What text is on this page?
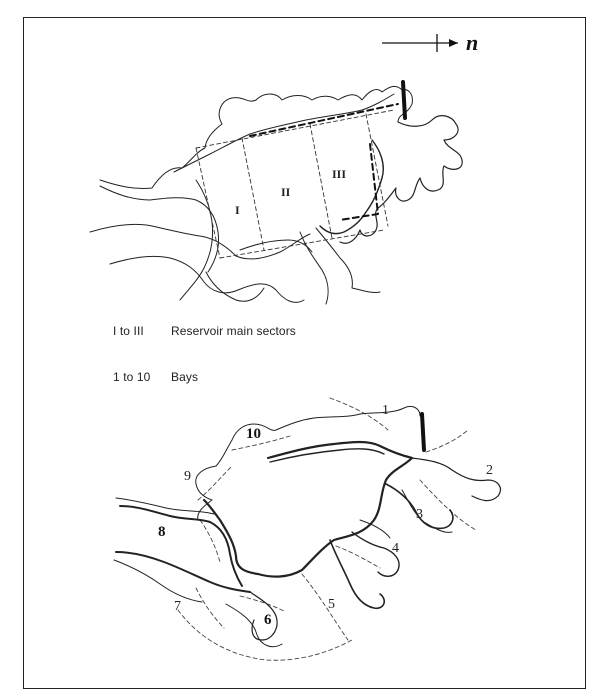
n
I
II
III
1
2
3
4
5
6
7
8
9
10
I to III Reservoir main sectors
1 to 10 Bays
